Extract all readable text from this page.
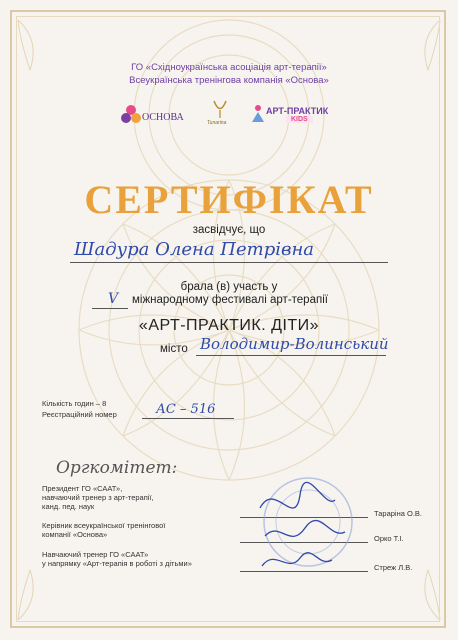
ГО «Східноукраїнська асоціація арт-терапії»
Всеукраїнська тренінгова компанія «Основа»
ОСНОВА	Tunarina
АРТ-ПРАКТИК
KIDS
СЕРТИФІКАТ
засвідчує, що
Шадура Олена Петрівна
брала (в) участь у
V міжнародному фестивалі арт-терапії
«АРТ-ПРАКТИК. ДІТИ»
місто Володимир-Волинський
Кількість годин – 8
Реєстраційний номер	АС – 516
Оргкомітет:
Президент ГО «СААТ»,
навчаючий тренер з арт-терапії,
канд. пед. наук
Тараріна О.В.
Керівник всеукраїнської тренінгової
компанії «Основа»	Орко Т.І.
Навчаючий тренер ГО «СААТ»
у напрямку «Арт-терапія в роботі з дітьми»	Стреж Л.В.
